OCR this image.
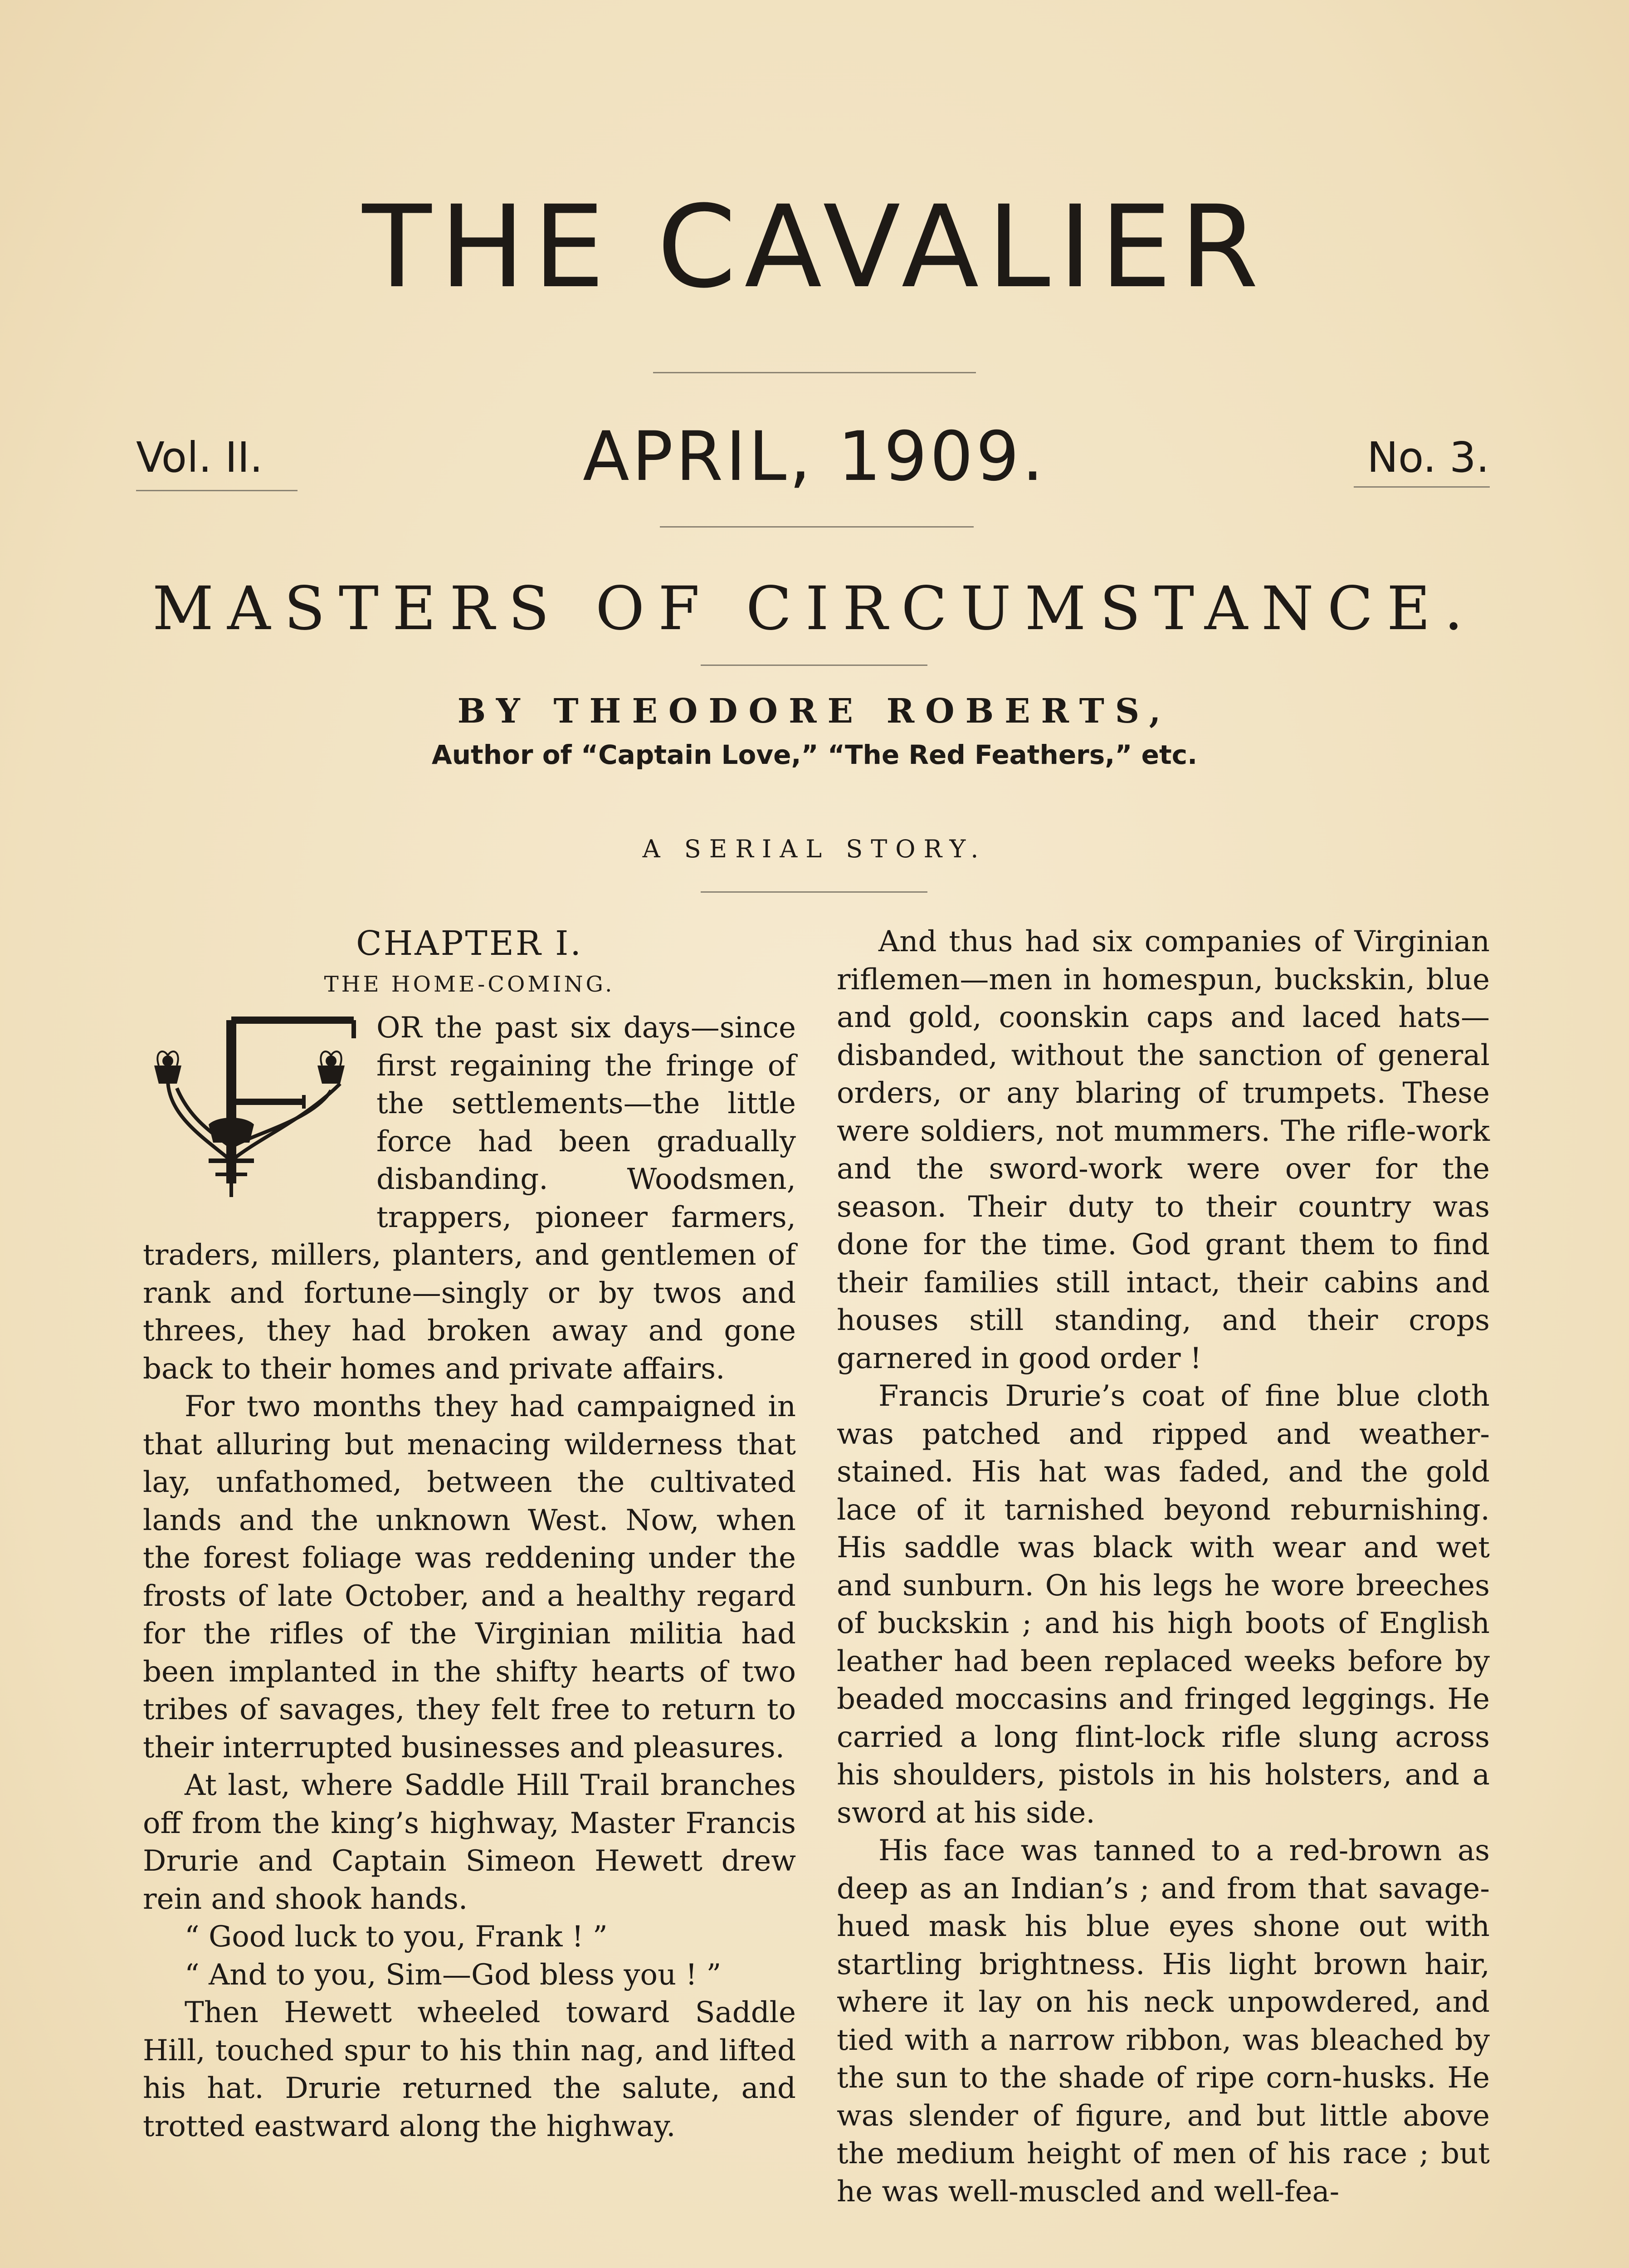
THE CAVALIER
Vol. II.	APRIL, 1909.	No. 3.
MASTERS OF CIRCUMSTANCE.
BY THEODORE ROBERTS,
Author of “Captain Love,” “The Red Feathers,” etc.
A SERIAL STORY.
CHAPTER I.
THE HOME-COMING.

OR the past six days—since first regaining the fringe of the settlements—the little force had been gradually disbanding. Woodsmen, trappers, pioneer farmers, traders, millers, planters, and gentlemen of rank and fortune—singly or by twos and threes, they had broken away and gone back to their homes and private affairs.

For two months they had campaigned in that alluring but menacing wilderness that lay, unfathomed, between the cultivated lands and the unknown West. Now, when the forest foliage was reddening under the frosts of late October, and a healthy regard for the rifles of the Virginian militia had been implanted in the shifty hearts of two tribes of savages, they felt free to return to their interrupted businesses and pleasures.

At last, where Saddle Hill Trail branches off from the king’s highway, Master Francis Drurie and Captain Simeon Hewett drew rein and shook hands.

“ Good luck to you, Frank ! ”

“ And to you, Sim—God bless you ! ”

Then Hewett wheeled toward Saddle Hill, touched spur to his thin nag, and lifted his hat. Drurie returned the salute, and trotted eastward along the highway.

And thus had six companies of Virginian riflemen—men in homespun, buckskin, blue and gold, coonskin caps and laced hats—disbanded, without the sanction of general orders, or any blaring of trumpets. These were soldiers, not mummers. The rifle-work and the sword-work were over for the season. Their duty to their country was done for the time. God grant them to find their families still intact, their cabins and houses still standing, and their crops garnered in good order !

Francis Drurie’s coat of fine blue cloth was patched and ripped and weather-stained. His hat was faded, and the gold lace of it tarnished beyond reburnishing. His saddle was black with wear and wet and sunburn. On his legs he wore breeches of buckskin ; and his high boots of English leather had been replaced weeks before by beaded moccasins and fringed leggings. He carried a long flint-lock rifle slung across his shoulders, pistols in his holsters, and a sword at his side.

His face was tanned to a red-brown as deep as an Indian’s ; and from that savage-hued mask his blue eyes shone out with startling brightness. His light brown hair, where it lay on his neck unpowdered, and tied with a narrow ribbon, was bleached by the sun to the shade of ripe corn-husks. He was slender of figure, and but little above the medium height of men of his race ; but he was well-muscled and well-fea-
